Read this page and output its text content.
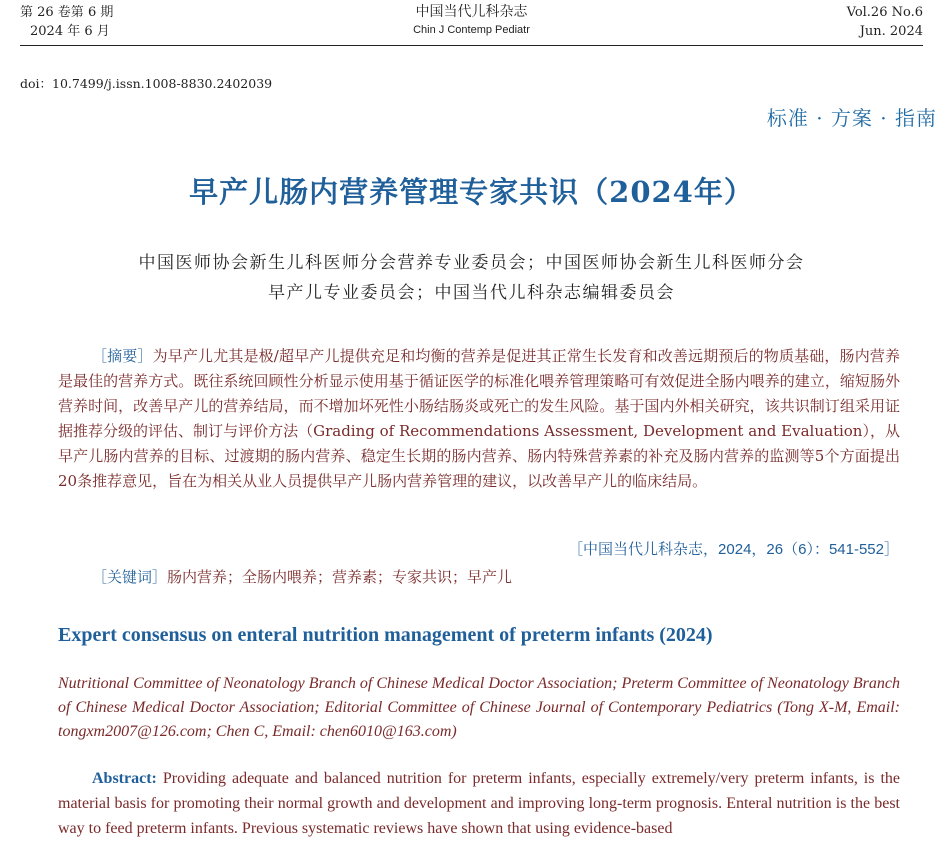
第 26 卷第 6 期
2024 年 6 月
中国当代儿科杂志
Chin J Contemp Pediatr
Vol.26 No.6
Jun. 2024
doi：10.7499/j.issn.1008-8830.2402039
标准 · 方案 · 指南
早产儿肠内营养管理专家共识（2024年）
中国医师协会新生儿科医师分会营养专业委员会；中国医师协会新生儿科医师分会
早产儿专业委员会；中国当代儿科杂志编辑委员会

［摘要］为早产儿尤其是极/超早产儿提供充足和均衡的营养是促进其正常生长发育和改善远期预后的物质基础，肠内营养是最佳的营养方式。既往系统回顾性分析显示使用基于循证医学的标准化喂养管理策略可有效促进全肠内喂养的建立，缩短肠外营养时间，改善早产儿的营养结局，而不增加坏死性小肠结肠炎或死亡的发生风险。基于国内外相关研究，该共识制订组采用证据推荐分级的评估、制订与评价方法（Grading of Recommendations Assessment, Development and Evaluation），从早产儿肠内营养的目标、过渡期的肠内营养、稳定生长期的肠内营养、肠内特殊营养素的补充及肠内营养的监测等5个方面提出20条推荐意见，旨在为相关从业人员提供早产儿肠内营养管理的建议，以改善早产儿的临床结局。

［中国当代儿科杂志，2024，26（6）：541-552］
［关键词］肠内营养；全肠内喂养；营养素；专家共识；早产儿
Expert consensus on enteral nutrition management of preterm infants (2024)
Nutritional Committee of Neonatology Branch of Chinese Medical Doctor Association; Preterm Committee of Neonatology Branch of Chinese Medical Doctor Association; Editorial Committee of Chinese Journal of Contemporary Pediatrics (Tong X-M, Email: tongxm2007@126.com; Chen C, Email: chen6010@163.com)

Abstract: Providing adequate and balanced nutrition for preterm infants, especially extremely/very preterm infants, is the material basis for promoting their normal growth and development and improving long-term prognosis. Enteral nutrition is the best way to feed preterm infants. Previous systematic reviews have shown that using evidence-based
